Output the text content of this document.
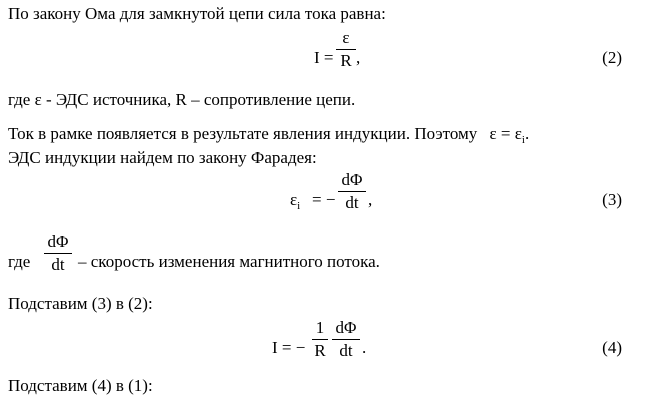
По закону Ома для замкнутой цепи сила тока равна:
I =
ε
R ,	(2)
где ε - ЭДС источника, R – сопротивление цепи.
Ток в рамке появляется в результате явления индукции. Поэтому $\varepsilon = \varepsilon_i$.
ЭДС индукции найдем по закону Фарадея:
$\varepsilon_i$ = −
dΦ
dt ,	(3)
где
dΦ
dt – скорость изменения магнитного потока.
Подставим (3) в (2):
I = −
1
R
dΦ
dt .	(4)
Подставим (4) в (1):
